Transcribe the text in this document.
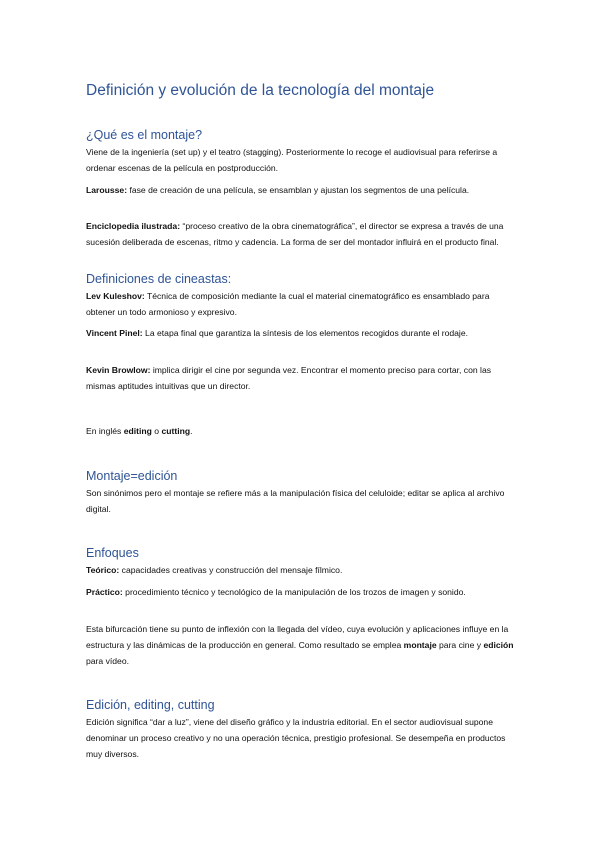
Definición y evolución de la tecnología del montaje
¿Qué es el montaje?

Viene de la ingeniería (set up) y el teatro (stagging). Posteriormente lo recoge el audiovisual para referirse a ordenar escenas de la película en postproducción.

Larousse: fase de creación de una película, se ensamblan y ajustan los segmentos de una película.

Enciclopedia ilustrada: “proceso creativo de la obra cinematográfica”, el director se expresa a través de una sucesión deliberada de escenas, ritmo y cadencia. La forma de ser del montador influirá en el producto final.

Definiciones de cineastas:

Lev Kuleshov: Técnica de composición mediante la cual el material cinematográfico es ensamblado para obtener un todo armonioso y expresivo.

Vincent Pinel: La etapa final que garantiza la síntesis de los elementos recogidos durante el rodaje.

Kevin Browlow: implica dirigir el cine por segunda vez. Encontrar el momento preciso para cortar, con las mismas aptitudes intuitivas que un director.

En inglés editing o cutting.

Montaje=edición

Son sinónimos pero el montaje se refiere más a la manipulación física del celuloide; editar se aplica al archivo digital.

Enfoques

Teórico: capacidades creativas y construcción del mensaje fílmico.

Práctico: procedimiento técnico y tecnológico de la manipulación de los trozos de imagen y sonido.

Esta bifurcación tiene su punto de inflexión con la llegada del vídeo, cuya evolución y aplicaciones influye en la estructura y las dinámicas de la producción en general. Como resultado se emplea montaje para cine y edición para vídeo.

Edición, editing, cutting

Edición significa “dar a luz”, viene del diseño gráfico y la industria editorial. En el sector audiovisual supone denominar un proceso creativo y no una operación técnica, prestigio profesional. Se desempeña en productos muy diversos.
